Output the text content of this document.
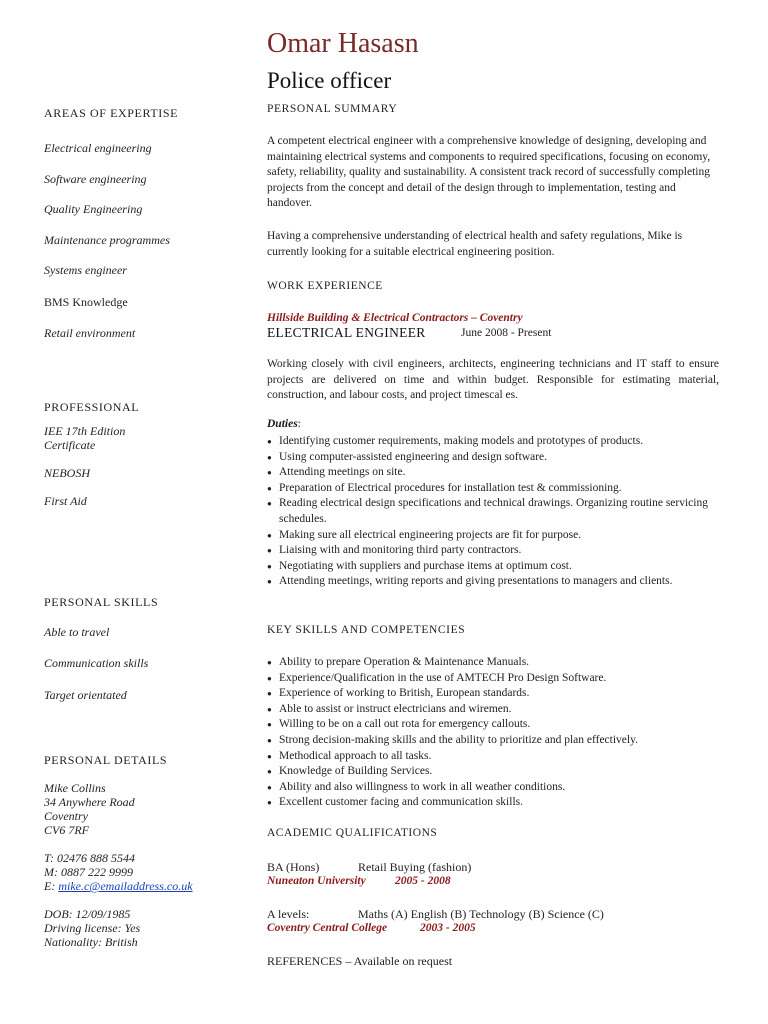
Omar Hasasn
Police officer
AREAS OF EXPERTISE
Electrical engineering
Software engineering
Quality Engineering
Maintenance programmes
Systems engineer
BMS Knowledge
Retail environment
PROFESSIONAL
IEE 17th Edition
Certificate
NEBOSH
First Aid
PERSONAL SKILLS
Able to travel
Communication skills
Target orientated
PERSONAL DETAILS
Mike Collins
34 Anywhere Road
Coventry
CV6 7RF
T: 02476 888 5544
M: 0887 222 9999
E: mike.c@emailaddress.co.uk
DOB: 12/09/1985
Driving license: Yes
Nationality: British
PERSONAL SUMMARY
A competent electrical engineer with a comprehensive knowledge of designing, developing and maintaining electrical systems and components to required specifications, focusing on economy, safety, reliability, quality and sustainability. A consistent track record of successfully completing projects from the concept and detail of the design through to implementation, testing and handover.
Having a comprehensive understanding of electrical health and safety regulations, Mike is currently looking for a suitable electrical engineering position.
WORK EXPERIENCE
Hillside Building & Electrical Contractors – Coventry
ELECTRICAL ENGINEER	June 2008 - Present
Working closely with civil engineers, architects, engineering technicians and IT staff to ensure projects are delivered on time and within budget. Responsible for estimating material, construction, and labour costs, and project timescal es.
Duties:
● Identifying customer requirements, making models and prototypes of products.
● Using computer-assisted engineering and design software.
● Attending meetings on site.
● Preparation of Electrical procedures for installation test & commissioning.
● Reading electrical design specifications and technical drawings. Organizing routine servicing schedules.
● Making sure all electrical engineering projects are fit for purpose.
● Liaising with and monitoring third party contractors.
● Negotiating with suppliers and purchase items at optimum cost.
● Attending meetings, writing reports and giving presentations to managers and clients.
KEY SKILLS AND COMPETENCIES
● Ability to prepare Operation & Maintenance Manuals.
● Experience/Qualification in the use of AMTECH Pro Design Software.
● Experience of working to British, European standards.
● Able to assist or instruct electricians and wiremen.
● Willing to be on a call out rota for emergency callouts.
● Strong decision-making skills and the ability to prioritize and plan effectively.
● Methodical approach to all tasks.
● Knowledge of Building Services.
● Ability and also willingness to work in all weather conditions.
● Excellent customer facing and communication skills.
ACADEMIC QUALIFICATIONS
BA (Hons)	Retail Buying (fashion)
Nuneaton University	2005 - 2008
A levels:	Maths (A) English (B) Technology (B) Science (C)
Coventry Central College	2003 - 2005
REFERENCES – Available on request
